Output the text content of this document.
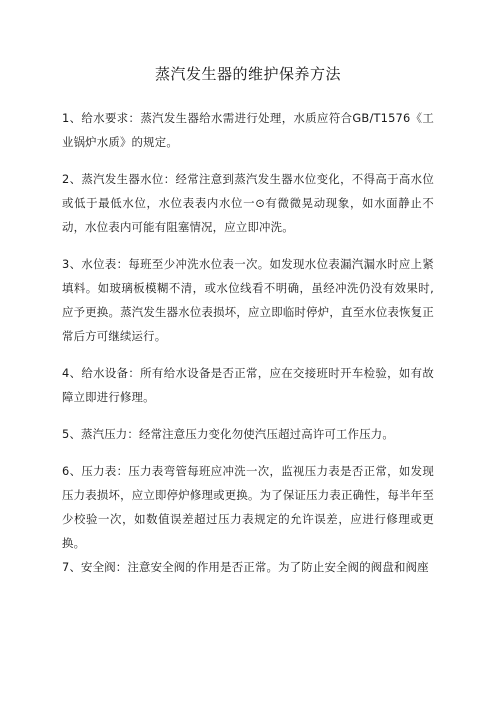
蒸汽发生器的维护保养方法

1、给水要求：蒸汽发生器给水需进行处理，水质应符合GB/T1576《工业锅炉水质》的规定。

2、蒸汽发生器水位：经常注意到蒸汽发生器水位变化，不得高于高水位或低于最低水位，水位表表内水位一⊙有微微晃动现象，如水面静止不动，水位表内可能有阻塞情况，应立即冲洗。

3、水位表：每班至少冲洗水位表一次。如发现水位表漏汽漏水时应上紧填料。如玻璃板模糊不清，或水位线看不明确，虽经冲洗仍没有效果时,应予更换。蒸汽发生器水位表损坏，应立即临时停炉，直至水位表恢复正常后方可继续运行。

4、给水设备：所有给水设备是否正常，应在交接班时开车检验，如有故障立即进行修理。

5、蒸汽压力：经常注意压力变化勿使汽压超过高许可工作压力。

6、压力表：压力表弯管每班应冲洗一次，监视压力表是否正常，如发现压力表损坏，应立即停炉修理或更换。为了保证压力表正确性，每半年至少校验一次，如数值误差超过压力表规定的允许误差，应进行修理或更换。

7、安全阀：注意安全阀的作用是否正常。为了防止安全阀的阀盘和阀座
